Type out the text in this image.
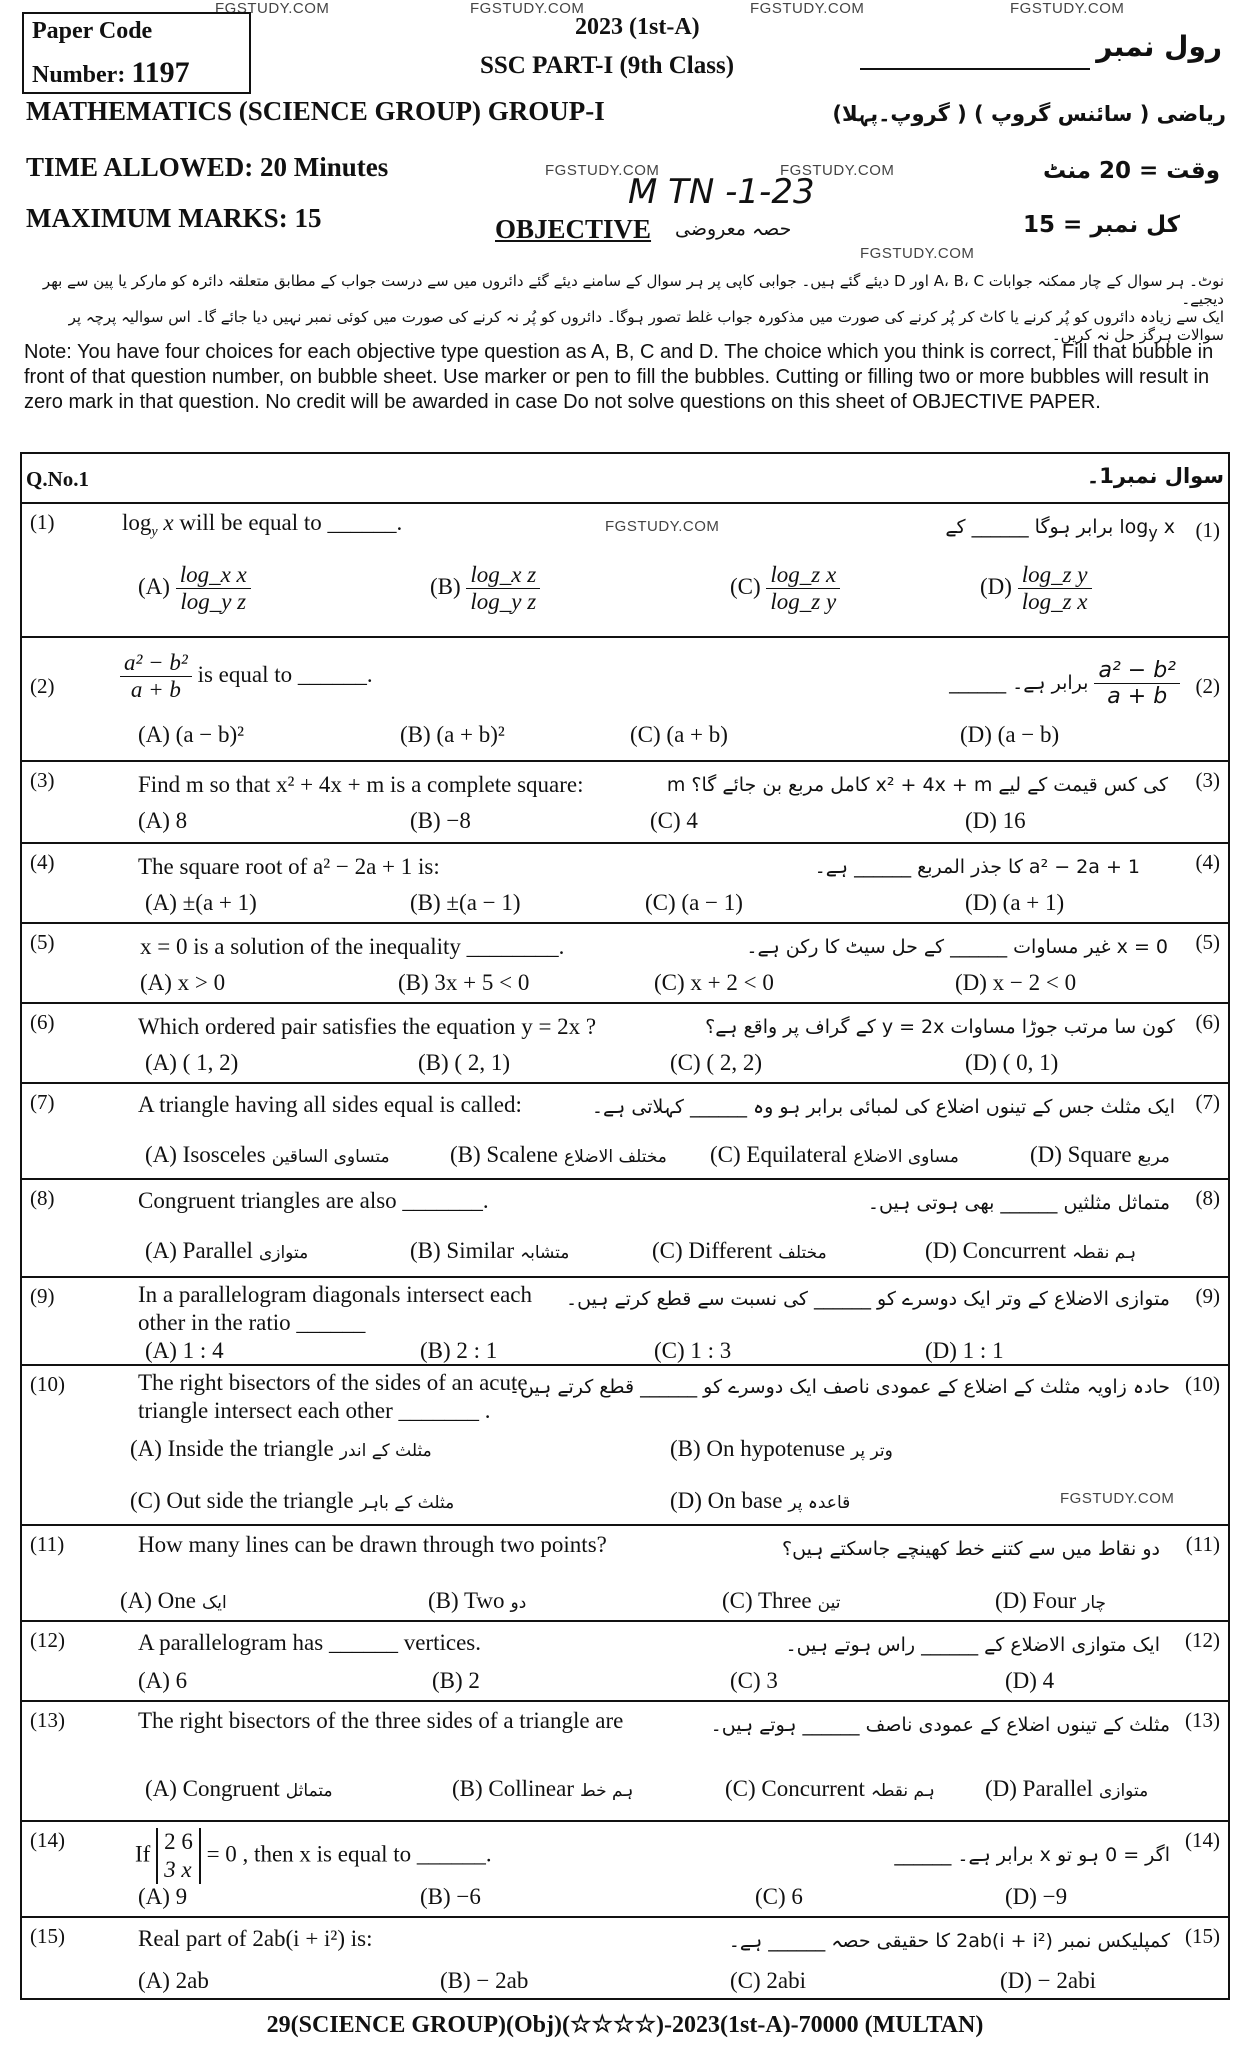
FGSTUDY.COM	FGSTUDY.COM	FGSTUDY.COM	FGSTUDY.COM
FGSTUDY.COM	FGSTUDY.COM
FGSTUDY.COM
FGSTUDY.COM
FGSTUDY.COM
Paper Code
Number: 1197
2023 (1st-A)
SSC PART-I (9th Class)
رول نمبر
MATHEMATICS (SCIENCE GROUP) GROUP-I	ریاضی ( سائنس گروپ ) ( گروپ۔پہلا)
TIME ALLOWED: 20 Minutes	وقت = 20 منٹ
M TN -1-23
MAXIMUM MARKS: 15	کل نمبر = 15
OBJECTIVE حصہ معروضی
نوٹ۔ ہر سوال کے چار ممکنہ جوابات A، B، C اور D دیئے گئے ہیں۔ جوابی کاپی پر ہر سوال کے سامنے دیئے گئے دائروں میں سے درست جواب کے مطابق متعلقہ دائرہ کو مارکر یا پین سے بھر دیجیے۔
ایک سے زیادہ دائروں کو پُر کرنے یا کاٹ کر پُر کرنے کی صورت میں مذکورہ جواب غلط تصور ہوگا۔ دائروں کو پُر نہ کرنے کی صورت میں کوئی نمبر نہیں دیا جائے گا۔ اس سوالیہ پرچہ پر سوالات ہرگز حل نہ کریں۔
Note: You have four choices for each objective type question as A, B, C and D. The choice which you think is correct, Fill that bubble in front of that question number, on bubble sheet. Use marker or pen to fill the bubbles. Cutting or filling two or more bubbles will result in zero mark in that question. No credit will be awarded in case Do not solve questions on this sheet of OBJECTIVE PAPER.
Q.No.1	سوال نمبر1۔
(1)	(1)
$\log_y x$ will be equal to ______.	$\log_y x$ برابر ہوگا ______ کے
$(A) \frac{\text{log\_x x}}{\text{log\_y z}}$	$(B) \frac{\text{log\_x z}}{\text{log\_y z}}$	$(C) \frac{\text{log\_z x}}{\text{log\_z y}}$	$(D) \frac{\text{log\_z y}}{\text{log\_z x}}$
(2)	(2)
$\frac{\text{a² − b²}}{a + b}$ is equal to ______.	$\frac{\text{a² − b²}}{a + b}$
برابر ہے۔ ______
(A) (a − b)²	(B) (a + b)²	(C) (a + b)	(D) (a − b)
(3)	(3)
Find m so that x² + 4x + m is a complete square:	کی کس قیمت کے لیے x² + 4x + m کامل مربع بن جائے گا؟ m
(A) 8	(B) −8	(C) 4	(D) 16
(4)	(4)
The square root of a² − 2a + 1 is:	a² − 2a + 1 کا جذر المربع ______ ہے۔
(A) ±(a + 1)	(B) ±(a − 1)	(C) (a − 1)	(D) (a + 1)
(5)	(5)
x = 0 is a solution of the inequality ________.	x = 0 غیر مساوات ______ کے حل سیٹ کا رکن ہے۔
(A) x > 0	(B) 3x + 5 < 0	(C) x + 2 < 0	(D) x − 2 < 0
(6)	(6)
Which ordered pair satisfies the equation y = 2x ?	کون سا مرتب جوڑا مساوات y = 2x کے گراف پر واقع ہے؟
(A) ( 1, 2)	(B) ( 2, 1)	(C) ( 2, 2)	(D) ( 0, 1)
(7)	(7)
A triangle having all sides equal is called:	ایک مثلث جس کے تینوں اضلاع کی لمبائی برابر ہو وہ ______ کہلاتی ہے۔
(A) Isosceles متساوی الساقین	(B) Scalene مختلف الاضلاع (C) Equilateral مساوی الاضلاع	(D) Square مربع
(8)	(8)
Congruent triangles are also _______.	متماثل مثلثیں ______ بھی ہوتی ہیں۔
(A) Parallel متوازی	(B) Similar متشابہ	(C) Different مختلف	(D) Concurrent ہم نقطہ
(9)	(9)
In a parallelogram diagonals intersect each
other in the ratio ______
متوازی الاضلاع کے وتر ایک دوسرے کو ______ کی نسبت سے قطع کرتے ہیں۔
(A) 1 : 4	(B) 2 : 1	(C) 1 : 3	(D) 1 : 1
(10)	(10)
The right bisectors of the sides of an acute
triangle intersect each other _______ .
حادہ زاویہ مثلث کے اضلاع کے عمودی ناصف ایک دوسرے کو ______ قطع کرتے ہیں۔
(A) Inside the triangle مثلث کے اندر	(B) On hypotenuse وتر پر
(C) Out side the triangle مثلث کے باہر	(D) On base قاعدہ پر
(11)	(11)
How many lines can be drawn through two points?	دو نقاط میں سے کتنے خط کھینچے جاسکتے ہیں؟
(A) One ایک	(B) Two دو	(C) Three تین	(D) Four چار
(12)	(12)
A parallelogram has ______ vertices.	ایک متوازی الاضلاع کے ______ راس ہوتے ہیں۔
(A) 6	(B) 2	(C) 3	(D) 4
(13)	(13)
The right bisectors of the three sides of a triangle are	مثلث کے تینوں اضلاع کے عمودی ناصف ______ ہوتے ہیں۔
(A) Congruent متماثل	(B) Collinear ہم خط	(C) Concurrent ہم نقطہ (D) Parallel متوازی
(14)	(14)
If 2 6
3 x
= 0 , then x is equal to ______.	اگر = 0 ہو تو x برابر ہے۔ ______
(A) 9	(B) −6	(C) 6	(D) −9
(15)	(15)
Real part of 2ab(i + i²) is:	کمپلیکس نمبر 2ab(i + i²) کا حقیقی حصہ ______ ہے۔
(A) 2ab	(B) − 2ab	(C) 2abi	(D) − 2abi
29(SCIENCE GROUP)(Obj)(☆☆☆☆)-2023(1st-A)-70000 (MULTAN)
